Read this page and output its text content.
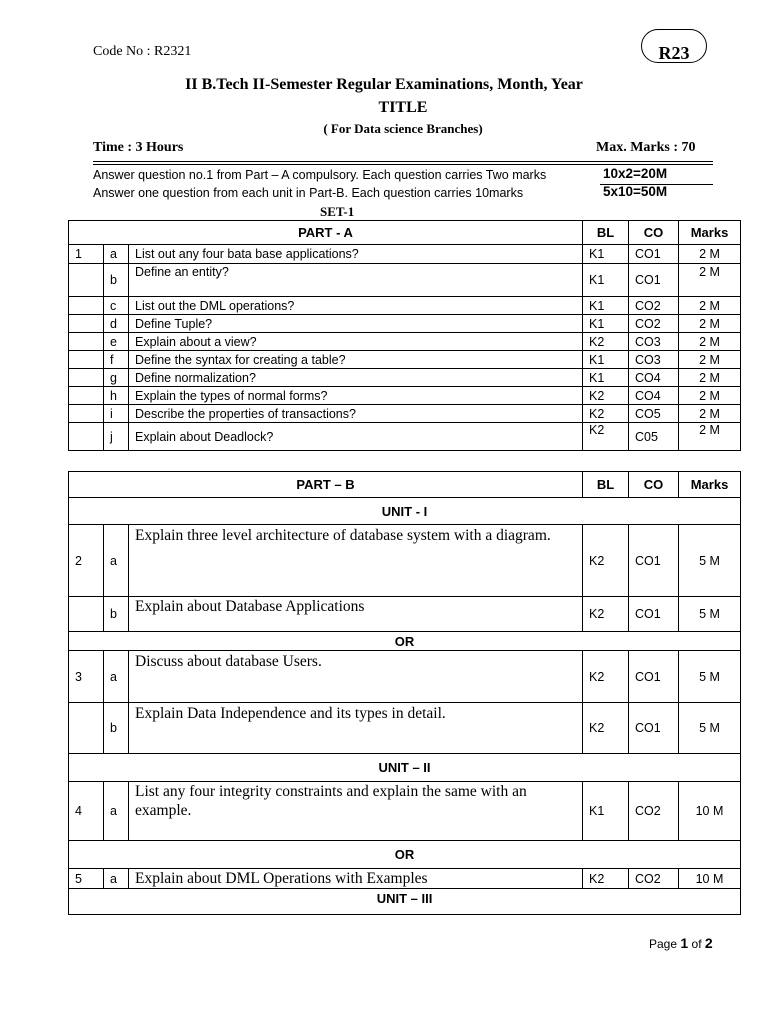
Code No : R2321	R23
II B.Tech II-Semester Regular Examinations, Month, Year
TITLE
( For Data science Branches)
Time : 3 Hours	Max. Marks : 70
Answer question no.1 from Part – A compulsory. Each question carries Two marks	10x2=20M
Answer one question from each unit in Part-B. Each question carries 10marks	5x10=50M
SET-1
PART - A			BL	CO	Marks
1	a	List out any four bata base applications?	K1	CO1	2 M
	b	Define an entity?	K1	CO1	2 M
	c	List out the DML operations?	K1	CO2	2 M
	d	Define Tuple?	K1	CO2	2 M
	e	Explain about a view?	K2	CO3	2 M
	f	Define the syntax for creating a table?	K1	CO3	2 M
	g	Define normalization?	K1	CO4	2 M
	h	Explain the types of normal forms?	K2	CO4	2 M
	i	Describe the properties of transactions?	K2	CO5	2 M
	j	Explain about Deadlock?	K2	C05	2 M
PART – B			BL	CO	Marks
UNIT - I					
2	a	Explain three level architecture of database system with a diagram.	K2	CO1	5 M
	b	Explain about Database Applications	K2	CO1	5 M
OR					
3	a	Discuss about database Users.	K2	CO1	5 M
	b	Explain Data Independence and its types in detail.	K2	CO1	5 M
UNIT – II					
4	a	List any four integrity constraints and explain the same with an example.	K1	CO2	10 M
OR					
5	a	Explain about DML Operations with Examples	K2	CO2	10 M
UNIT – III					
Page 1 of 2
